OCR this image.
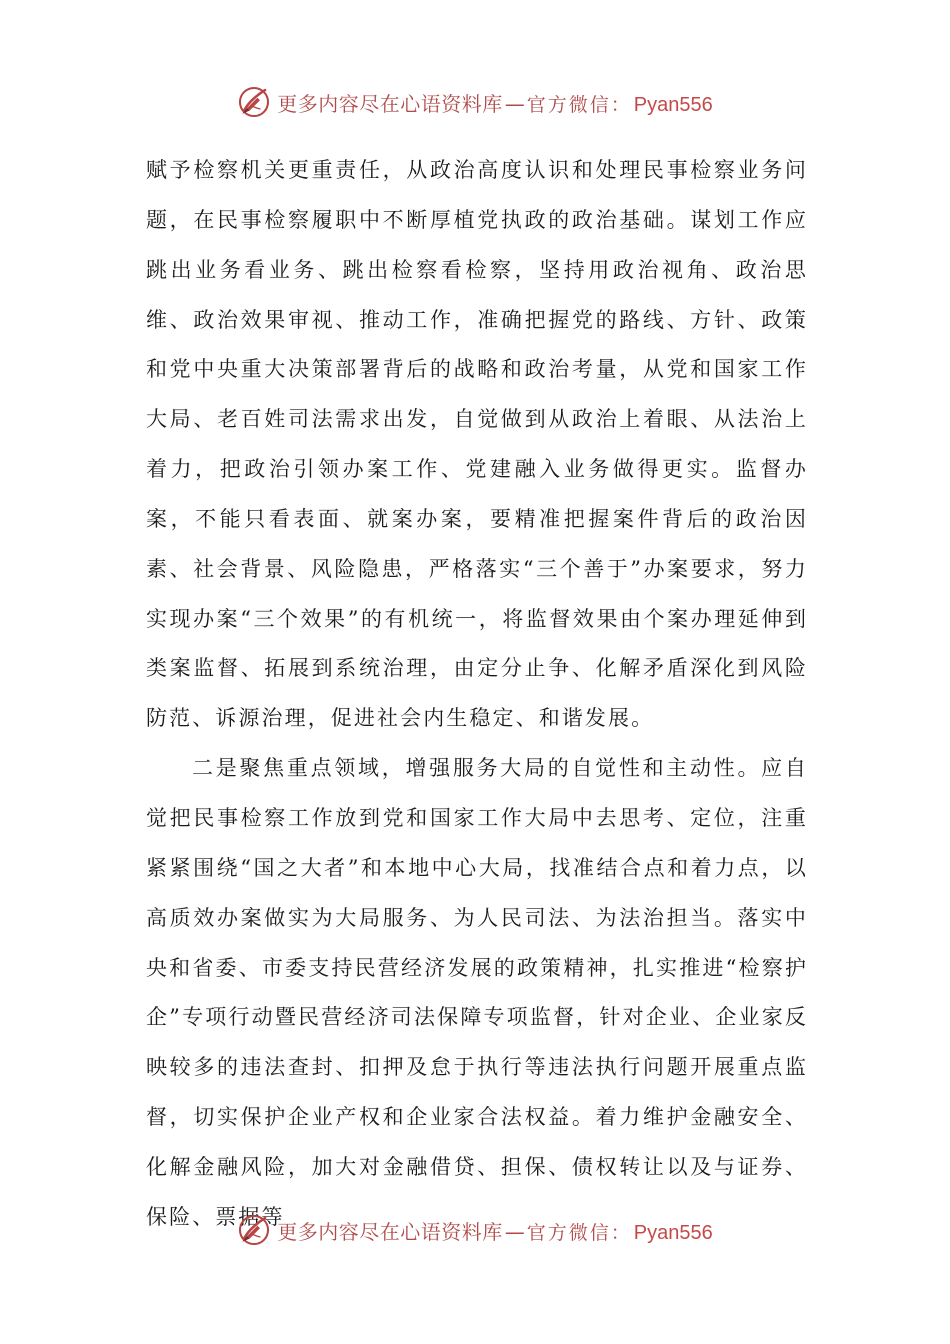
更多内容尽在心语资料库 — 官方微信： Pyan556

赋予检察机关更重责任，从政治高度认识和处理民事检察业务问题，在民事检察履职中不断厚植党执政的政治基础。谋划工作应跳出业务看业务、跳出检察看检察，坚持用政治视角、政治思维、政治效果审视、推动工作，准确把握党的路线、方针、政策和党中央重大决策部署背后的战略和政治考量，从党和国家工作大局、老百姓司法需求出发，自觉做到从政治上着眼、从法治上着力，把政治引领办案工作、党建融入业务做得更实。监督办案，不能只看表面、就案办案，要精准把握案件背后的政治因素、社会背景、风险隐患，严格落实“三个善于”办案要求，努力实现办案“三个效果”的有机统一，将监督效果由个案办理延伸到类案监督、拓展到系统治理，由定分止争、化解矛盾深化到风险防范、诉源治理，促进社会内生稳定、和谐发展。

二是聚焦重点领域，增强服务大局的自觉性和主动性。应自觉把民事检察工作放到党和国家工作大局中去思考、定位，注重紧紧围绕“国之大者”和本地中心大局，找准结合点和着力点，以高质效办案做实为大局服务、为人民司法、为法治担当。落实中央和省委、市委支持民营经济发展的政策精神，扎实推进“检察护企”专项行动暨民营经济司法保障专项监督，针对企业、企业家反映较多的违法查封、扣押及怠于执行等违法执行问题开展重点监督，切实保护企业产权和企业家合法权益。着力维护金融安全、化解金融风险，加大对金融借贷、担保、债权转让以及与证券、保险、票据等

更多内容尽在心语资料库 — 官方微信： Pyan556
